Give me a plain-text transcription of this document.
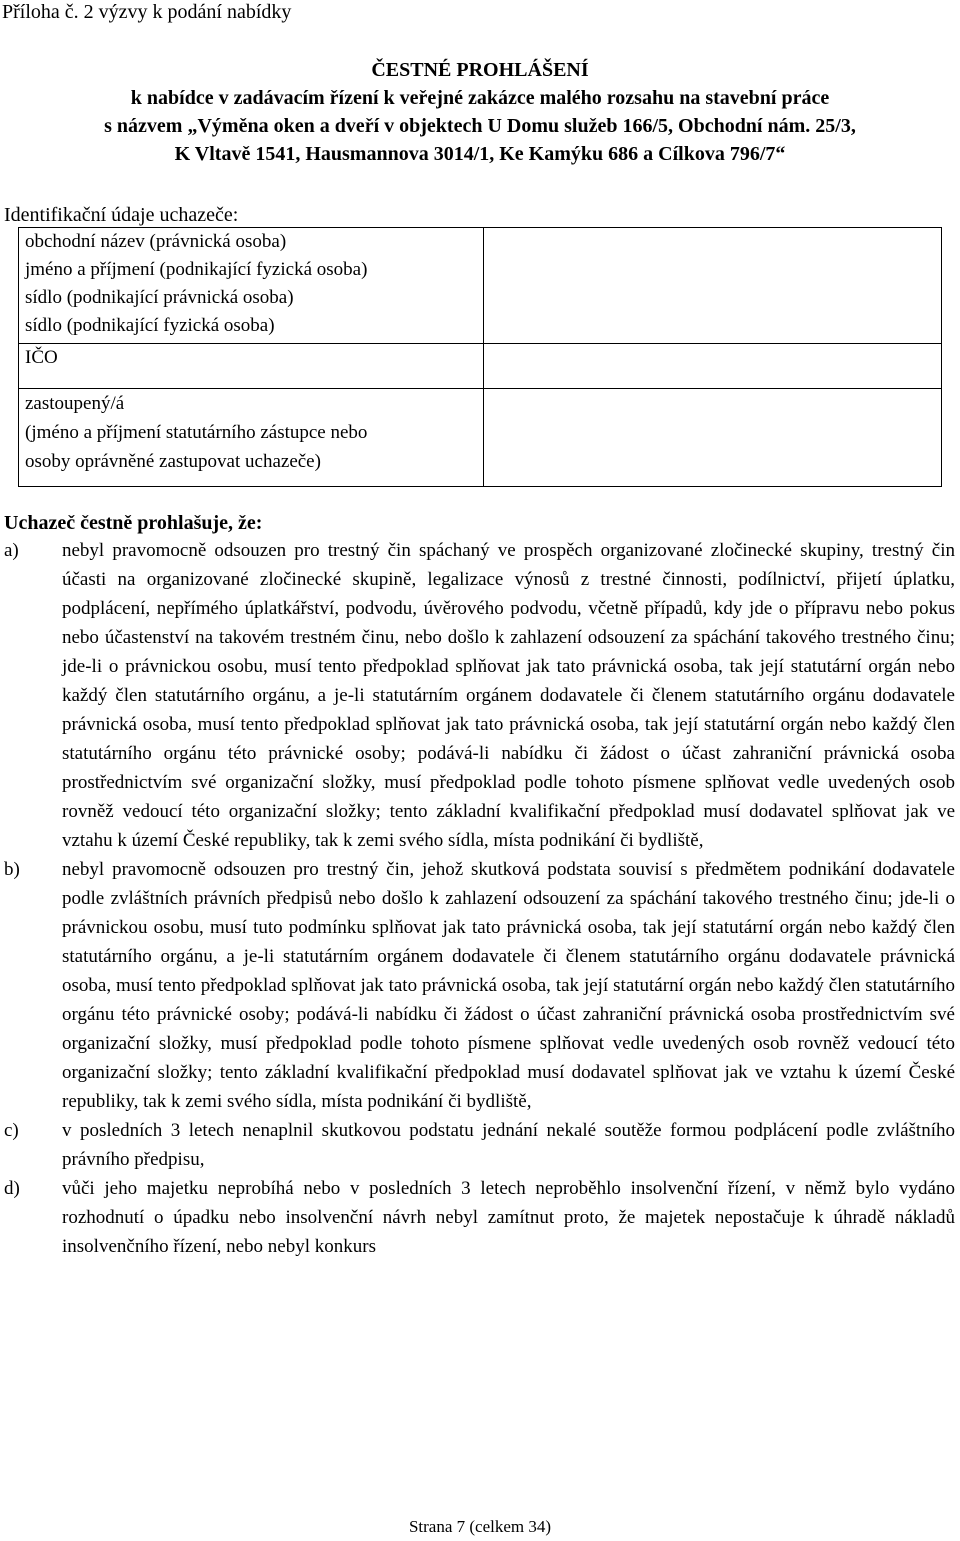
Příloha č. 2 výzvy k podání nabídky

ČESTNÉ PROHLÁŠENÍ
k nabídce v zadávacím řízení k veřejné zakázce malého rozsahu na stavební práce
s názvem „Výměna oken a dveří v objektech U Domu služeb 166/5, Obchodní nám. 25/3,
K Vltavě 1541, Hausmannova 3014/1, Ke Kamýku 686 a Cílkova 796/7“

Identifikační údaje uchazeče:

obchodní název (právnická osoba)
jméno a příjmení (podnikající fyzická osoba)
sídlo (podnikající právnická osoba)
sídlo (podnikající fyzická osoba)	

IČO	

zastoupený/á
(jméno a příjmení statutárního zástupce nebo
osoby oprávněné zastupovat uchazeče)	

Uchazeč čestně prohlašuje, že:

a) nebyl pravomocně odsouzen pro trestný čin spáchaný ve prospěch organizované zločinecké skupiny, trestný čin účasti na organizované zločinecké skupině, legalizace výnosů z trestné činnosti, podílnictví, přijetí úplatku, podplácení, nepřímého úplatkářství, podvodu, úvěrového podvodu, včetně případů, kdy jde o přípravu nebo pokus nebo účastenství na takovém trestném činu, nebo došlo k zahlazení odsouzení za spáchání takového trestného činu; jde-li o právnickou osobu, musí tento předpoklad splňovat jak tato právnická osoba, tak její statutární orgán nebo každý člen statutárního orgánu, a je-li statutárním orgánem dodavatele či členem statutárního orgánu dodavatele právnická osoba, musí tento předpoklad splňovat jak tato právnická osoba, tak její statutární orgán nebo každý člen statutárního orgánu této právnické osoby; podává-li nabídku či žádost o účast zahraniční právnická osoba prostřednictvím své organizační složky, musí předpoklad podle tohoto písmene splňovat vedle uvedených osob rovněž vedoucí této organizační složky; tento základní kvalifikační předpoklad musí dodavatel splňovat jak ve vztahu k území České republiky, tak k zemi svého sídla, místa podnikání či bydliště,
b) nebyl pravomocně odsouzen pro trestný čin, jehož skutková podstata souvisí s předmětem podnikání dodavatele podle zvláštních právních předpisů nebo došlo k zahlazení odsouzení za spáchání takového trestného činu; jde-li o právnickou osobu, musí tuto podmínku splňovat jak tato právnická osoba, tak její statutární orgán nebo každý člen statutárního orgánu, a je-li statutárním orgánem dodavatele či členem statutárního orgánu dodavatele právnická osoba, musí tento předpoklad splňovat jak tato právnická osoba, tak její statutární orgán nebo každý člen statutárního orgánu této právnické osoby; podává-li nabídku či žádost o účast zahraniční právnická osoba prostřednictvím své organizační složky, musí předpoklad podle tohoto písmene splňovat vedle uvedených osob rovněž vedoucí této organizační složky; tento základní kvalifikační předpoklad musí dodavatel splňovat jak ve vztahu k území České republiky, tak k zemi svého sídla, místa podnikání či bydliště,
c) v posledních 3 letech nenaplnil skutkovou podstatu jednání nekalé soutěže formou podplácení podle zvláštního právního předpisu,
d) vůči jeho majetku neprobíhá nebo v posledních 3 letech neproběhlo insolvenční řízení, v němž bylo vydáno rozhodnutí o úpadku nebo insolvenční návrh nebyl zamítnut proto, že majetek nepostačuje k úhradě nákladů insolvenčního řízení, nebo nebyl konkurs
Strana 7 (celkem 34)
